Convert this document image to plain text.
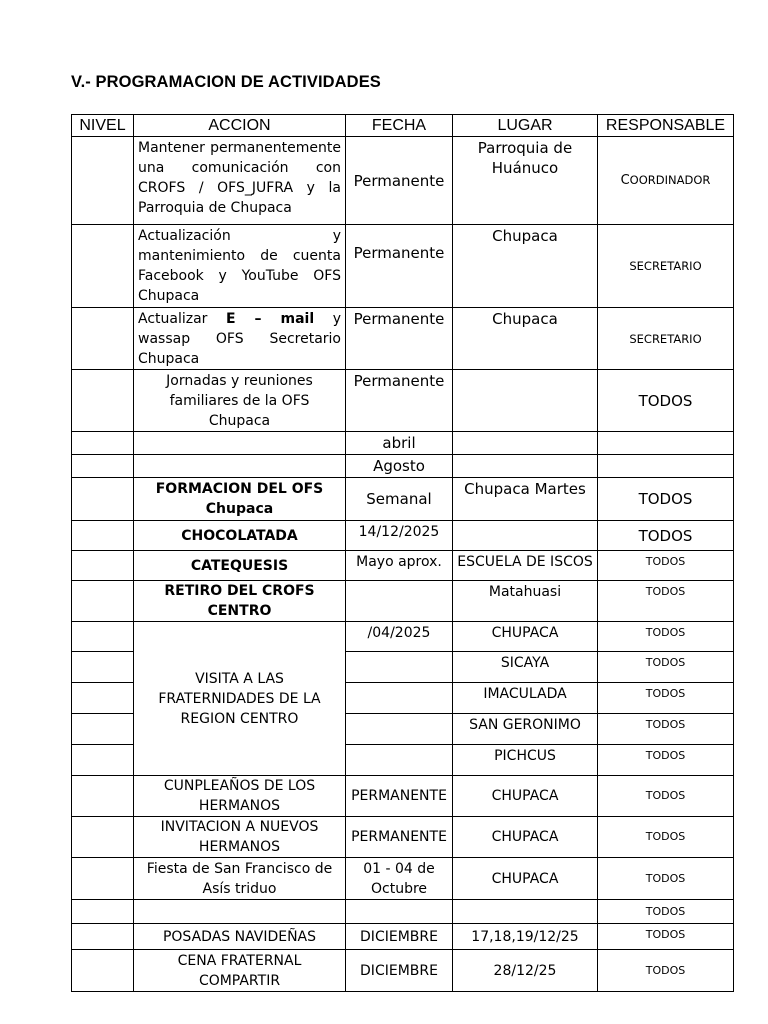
V.- PROGRAMACION DE ACTIVIDADES
NIVEL	ACCION	FECHA	LUGAR	RESPONSABLE
	Mantener permanentemente una comunicación con CROFS / OFS_JUFRA y la Parroquia de Chupaca	Permanente	Parroquia de Huánuco	COORDINADOR
	Actualización y mantenimiento de cuenta Facebook y YouTube OFS Chupaca	Permanente	Chupaca	SECRETARIO
	Actualizar E – mail y wassap OFS Secretario Chupaca	Permanente	Chupaca	SECRETARIO
	Jornadas y reuniones familiares de la OFS Chupaca	Permanente		TODOS
		abril		
		Agosto		
	FORMACION DEL OFS Chupaca	Semanal	Chupaca Martes	TODOS
	CHOCOLATADA	14/12/2025		TODOS
	CATEQUESIS	Mayo aprox.	ESCUELA DE ISCOS	TODOS
	RETIRO DEL CROFS CENTRO		Matahuasi	TODOS
	VISITA A LAS FRATERNIDADES DE LA REGION CENTRO	/04/2025	CHUPACA	TODOS
			SICAYA	TODOS
			IMACULADA	TODOS
			SAN GERONIMO	TODOS
			PICHCUS	TODOS
	CUNPLEAÑOS DE LOS HERMANOS	PERMANENTE	CHUPACA	TODOS
	INVITACION A NUEVOS HERMANOS	PERMANENTE	CHUPACA	TODOS
	Fiesta de San Francisco de Asís triduo	01 - 04 de Octubre	CHUPACA	TODOS
				TODOS
	POSADAS NAVIDEÑAS	DICIEMBRE	17,18,19/12/25	TODOS
	CENA FRATERNAL COMPARTIR	DICIEMBRE	28/12/25	TODOS
